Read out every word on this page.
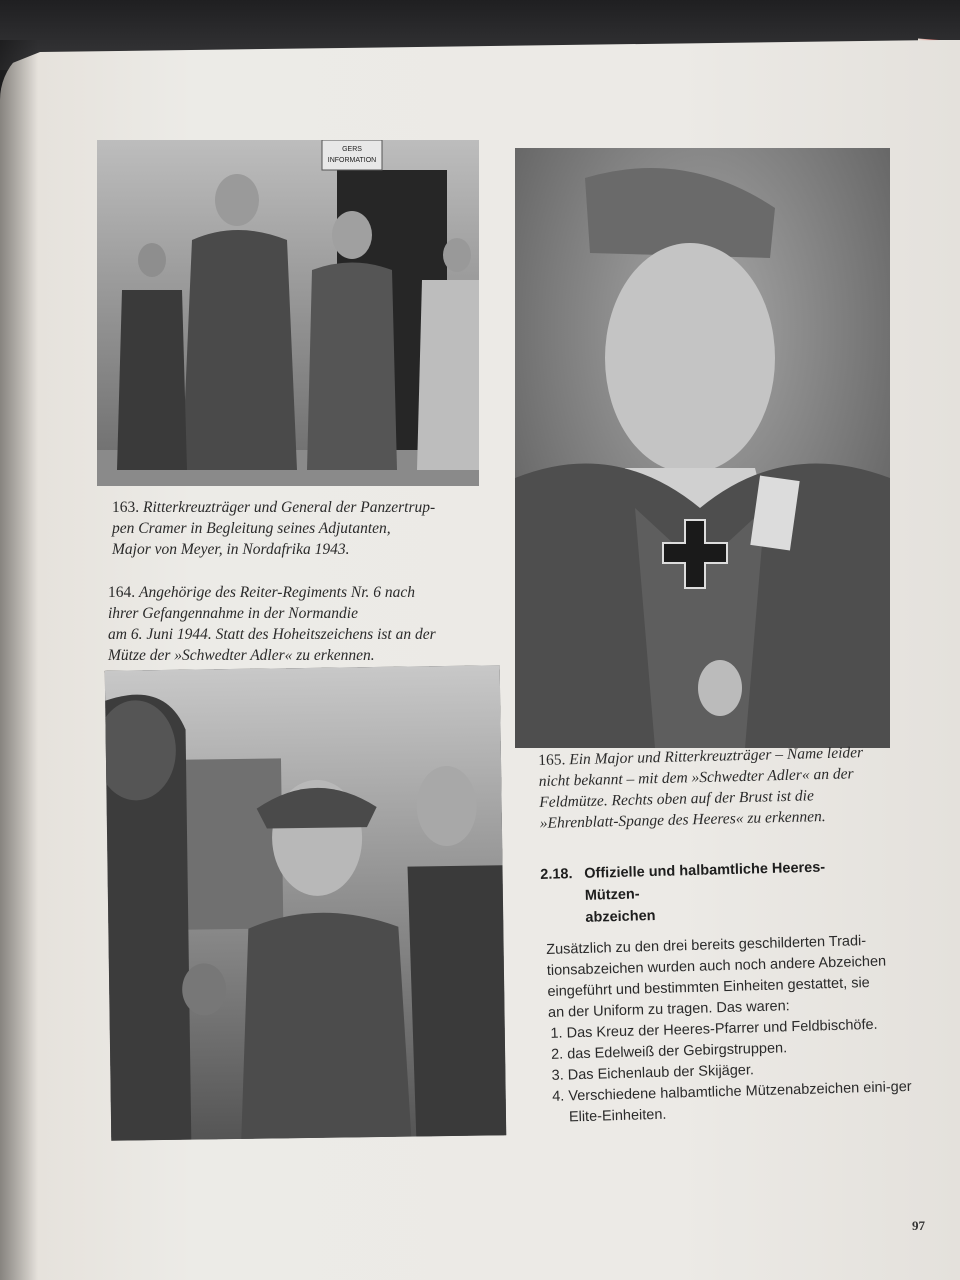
GERS
INFORMATION

163. Ritterkreuzträger und General der Panzertrup-
pen Cramer in Begleitung seines Adjutanten,
Major von Meyer, in Nordafrika 1943.

164. Angehörige des Reiter-Regiments Nr. 6 nach
ihrer Gefangennahme in der Normandie
am 6. Juni 1944. Statt des Hoheitszeichens ist an der
Mütze der »Schwedter Adler« zu erkennen.

165. Ein Major und Ritterkreuzträger – Name leider
nicht bekannt – mit dem »Schwedter Adler« an der
Feldmütze. Rechts oben auf der Brust ist die
»Ehrenblatt-Spange des Heeres« zu erkennen.

2.18. Offizielle und halbamtliche Heeres-Mützen-
abzeichen
Zusätzlich zu den drei bereits geschilderten Tradi-
tionsabzeichen wurden auch noch andere Abzeichen
eingeführt und bestimmten Einheiten gestattet, sie
an der Uniform zu tragen. Das waren:
1. Das Kreuz der Heeres-Pfarrer und Feldbischöfe.
2. das Edelweiß der Gebirgstruppen.
3. Das Eichenlaub der Skijäger.
4. Verschiedene halbamtliche Mützenabzeichen eini-ger Elite-Einheiten.
97
